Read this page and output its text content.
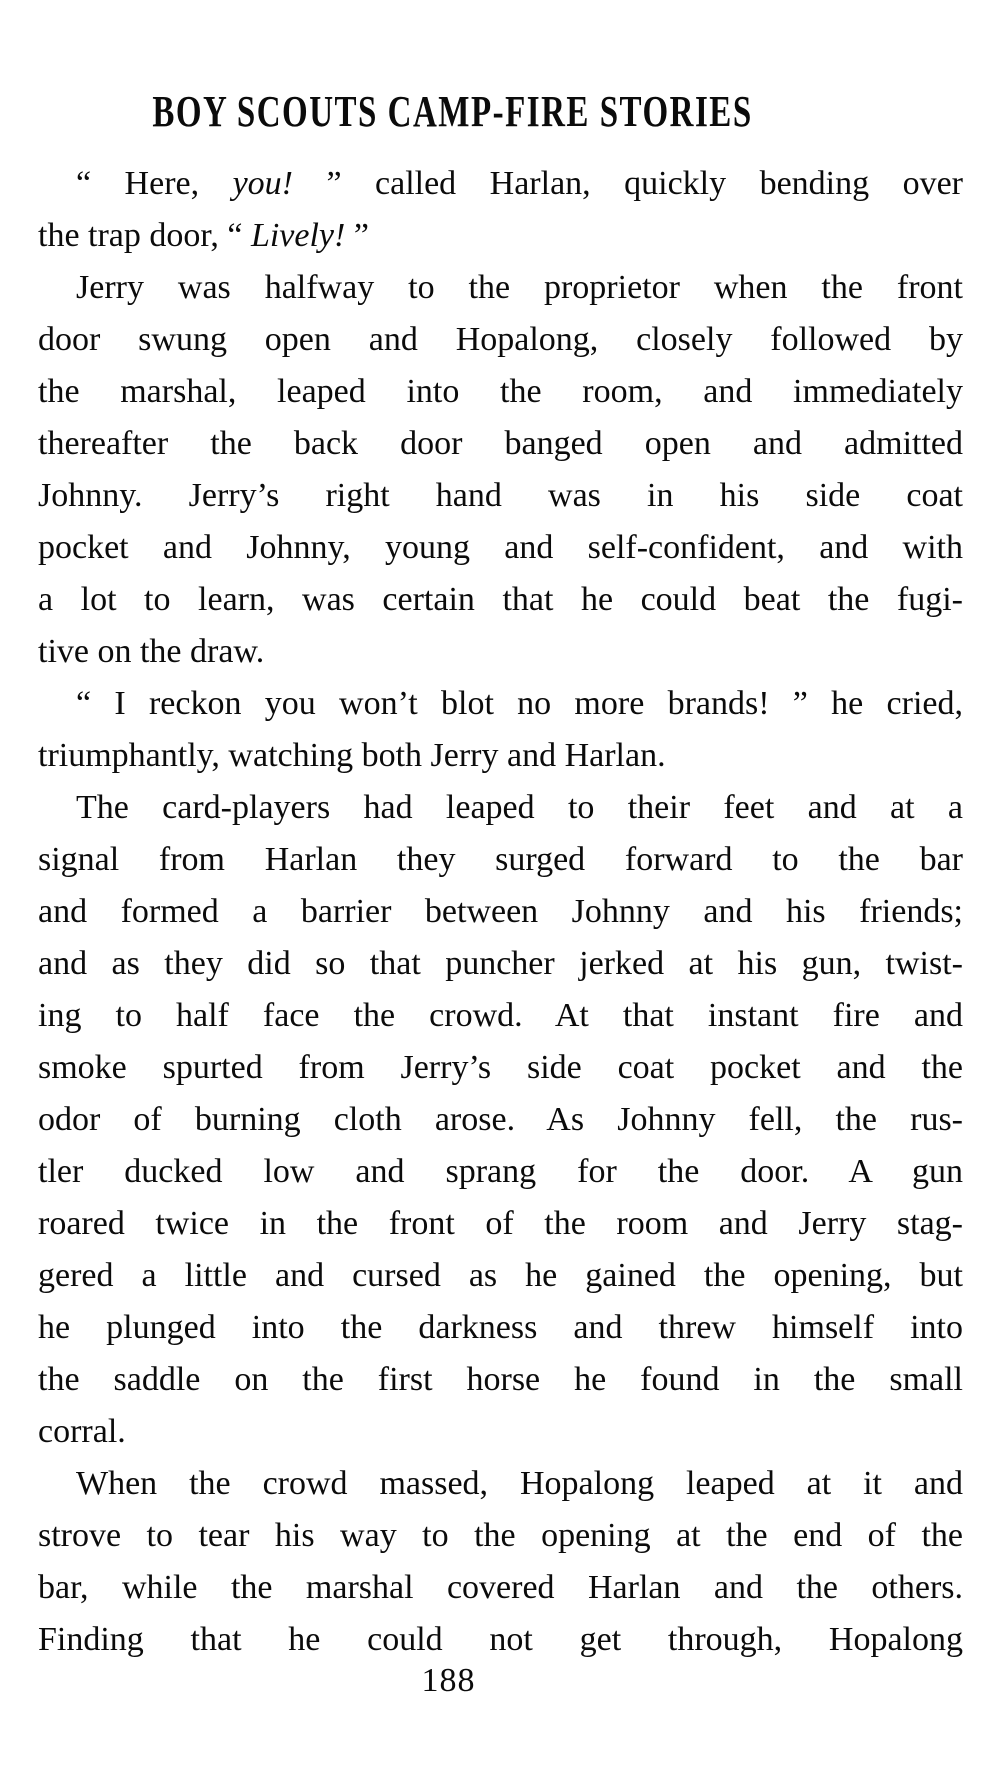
BOY SCOUTS CAMP-FIRE STORIES
“ Here, you! ” called Harlan, quickly bending over
the trap door, “ Lively! ”
Jerry was halfway to the proprietor when the front
door swung open and Hopalong, closely followed by
the marshal, leaped into the room, and immediately
thereafter the back door banged open and admitted
Johnny. Jerry’s right hand was in his side coat
pocket and Johnny, young and self-confident, and with
a lot to learn, was certain that he could beat the fugi-
tive on the draw.
“ I reckon you won’t blot no more brands! ” he cried,
triumphantly, watching both Jerry and Harlan.
The card-players had leaped to their feet and at a
signal from Harlan they surged forward to the bar
and formed a barrier between Johnny and his friends;
and as they did so that puncher jerked at his gun, twist-
ing to half face the crowd. At that instant fire and
smoke spurted from Jerry’s side coat pocket and the
odor of burning cloth arose. As Johnny fell, the rus-
tler ducked low and sprang for the door. A gun
roared twice in the front of the room and Jerry stag-
gered a little and cursed as he gained the opening, but
he plunged into the darkness and threw himself into
the saddle on the first horse he found in the small
corral.
When the crowd massed, Hopalong leaped at it and
strove to tear his way to the opening at the end of the
bar, while the marshal covered Harlan and the others.
Finding that he could not get through, Hopalong
188
